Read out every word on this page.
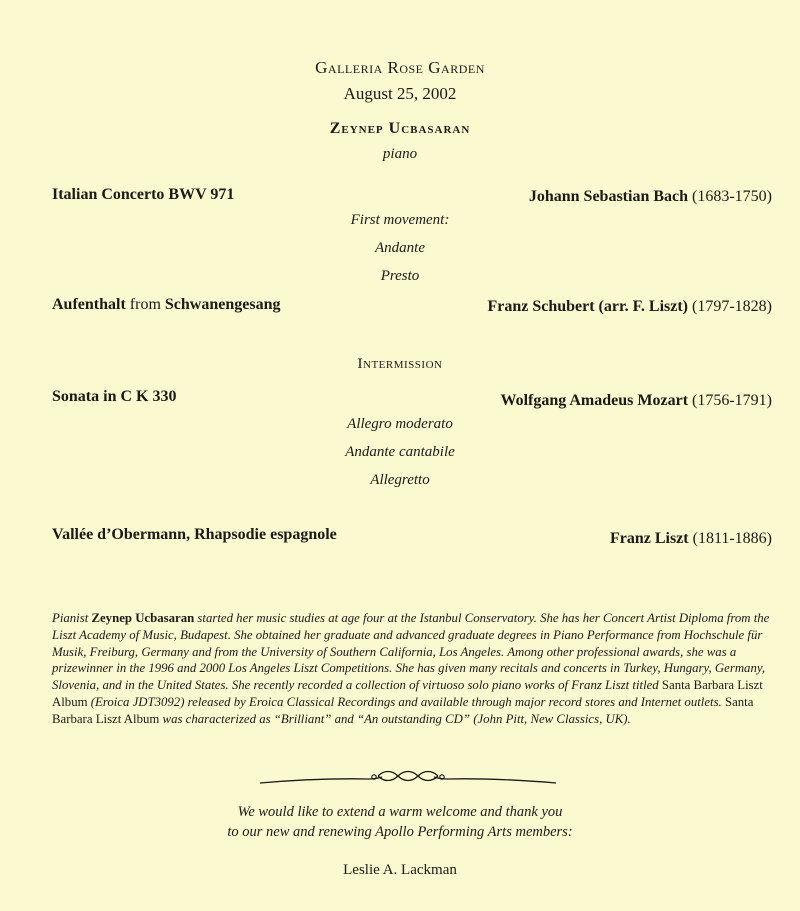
Galleria Rose Garden
August 25, 2002
Zeynep Ucbasaran
piano
Italian Concerto BWV 971	Johann Sebastian Bach (1683-1750)
First movement:
Andante
Presto
Aufenthalt from Schwanengesang	Franz Schubert (arr. F. Liszt) (1797-1828)
Intermission
Sonata in C K 330	Wolfgang Amadeus Mozart (1756-1791)
Allegro moderato
Andante cantabile
Allegretto
Vallée d’Obermann, Rhapsodie espagnole	Franz Liszt (1811-1886)
Pianist Zeynep Ucbasaran started her music studies at age four at the Istanbul Conservatory. She has her Concert Artist Diploma from the Liszt Academy of Music, Budapest. She obtained her graduate and advanced graduate degrees in Piano Performance from Hochschule für Musik, Freiburg, Germany and from the University of Southern California, Los Angeles. Among other professional awards, she was a prizewinner in the 1996 and 2000 Los Angeles Liszt Competitions. She has given many recitals and concerts in Turkey, Hungary, Germany, Slovenia, and in the United States. She recently recorded a collection of virtuoso solo piano works of Franz Liszt titled Santa Barbara Liszt Album (Eroica JDT3092) released by Eroica Classical Recordings and available through major record stores and Internet outlets. Santa Barbara Liszt Album was characterized as “Brilliant” and “An outstanding CD” (John Pitt, New Classics, UK).
We would like to extend a warm welcome and thank you
to our new and renewing Apollo Performing Arts members:
Leslie A. Lackman
